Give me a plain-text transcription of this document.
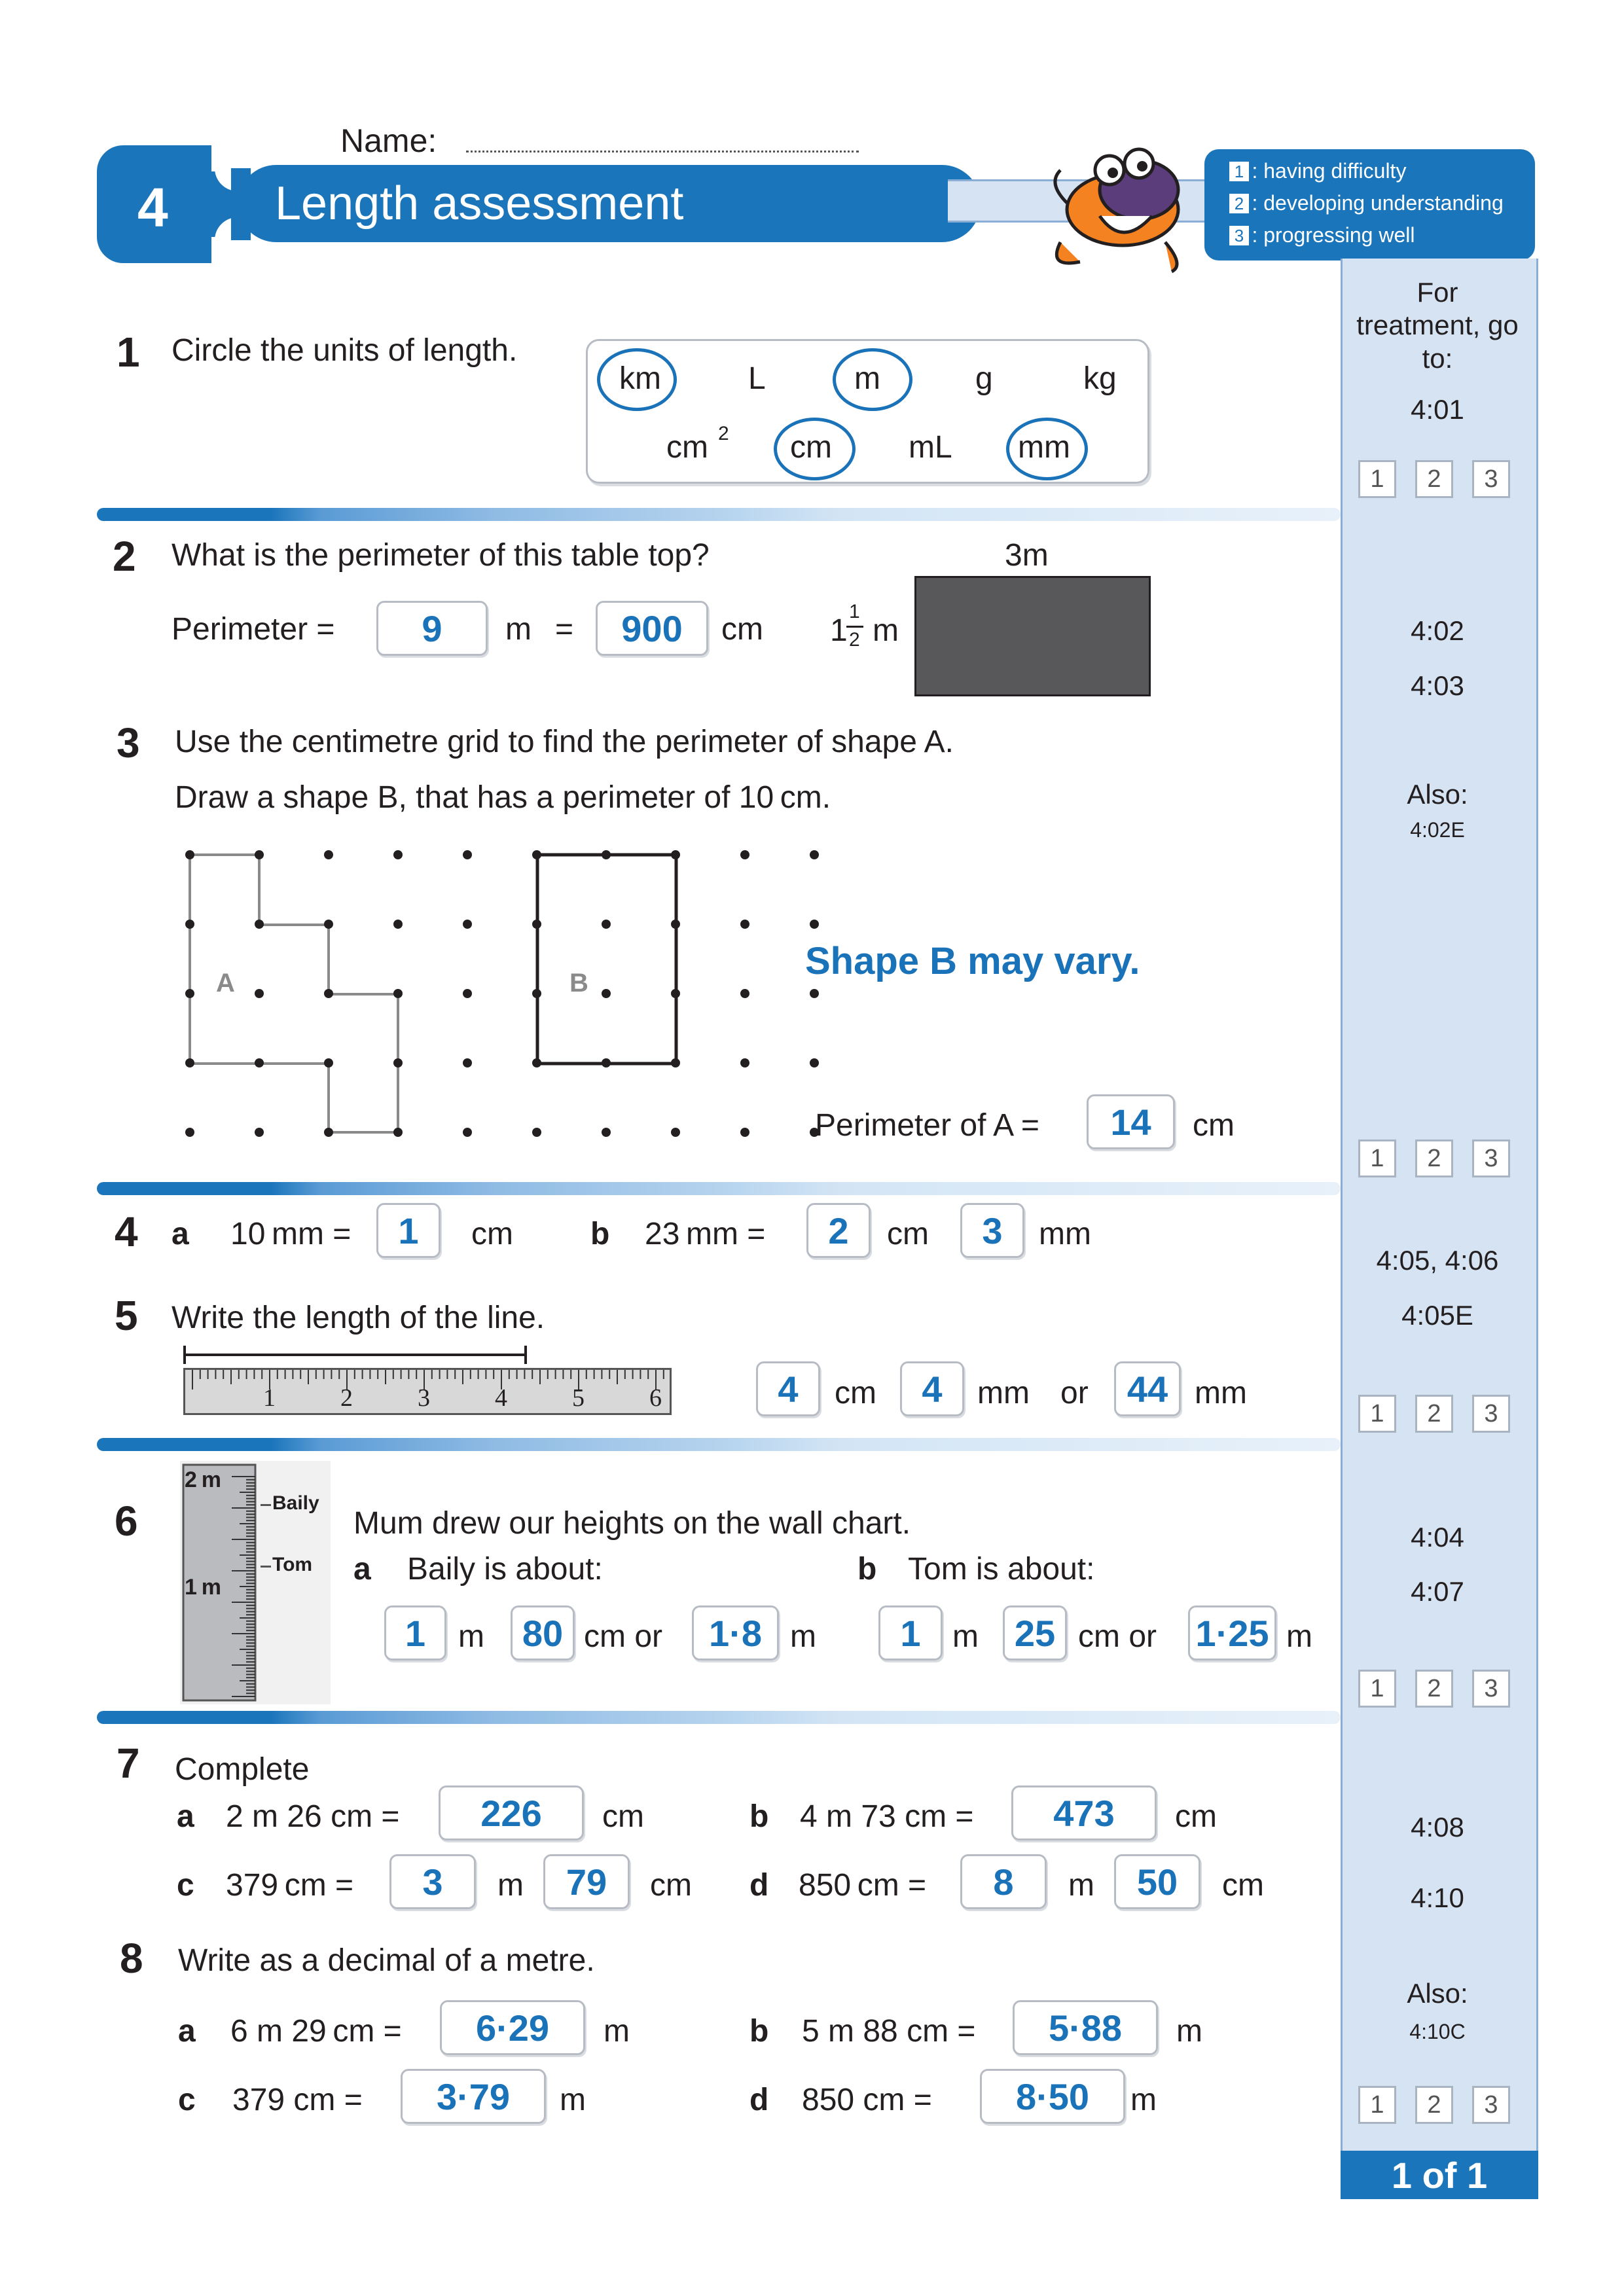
Name:
4 Length assessment
1 : having difficulty
2 : developing understanding
3 : progressing well
For treatment, go to:
4:01
4:02
4:03
Also:
4:02E
4:05, 4:06
4:05E
4:04
4:07
4:08
4:10
Also:
4:10C
1	2	3
1	2	3
1	2	3
1	2	3
1	2	3
1 of 1
1 Circle the units of length.
km	L	m	g	kg
cm 2 cm mL mm
2 What is the perimeter of this table top?
Perimeter =	9	m =	900	cm
3m
1
1
2 m
3 Use the centimetre grid to find the perimeter of shape A.
Draw a shape B, that has a perimeter of 10 cm.
A	B
Shape B may vary.
Perimeter of A =	14	cm
4 a 10 mm =	1	cm b 23 mm =	2	cm	3	mm
5 Write the length of the line.
1	2	3	4	5	6	4	cm	4	mm or	44 mm
6
2 m
1 m
Baily
Tom
Mum drew our heights on the wall chart.
a Baily is about:	b Tom is about:
1	m	80 cm or	1·8 m	1	m 25 cm or 1·25 m
7 Complete
a 2 m 26 cm =	226	cm	b 4 m 73 cm =	473	cm
c 379 cm =	3	m	79	cm d 850 cm =	8	m	50	cm
8 Write as a decimal of a metre.
a 6 m 29 cm =	6·29	m	b 5 m 88 cm =	5·88	m
c 379 cm =	3·79	m	d 850 cm =	8·50	m
